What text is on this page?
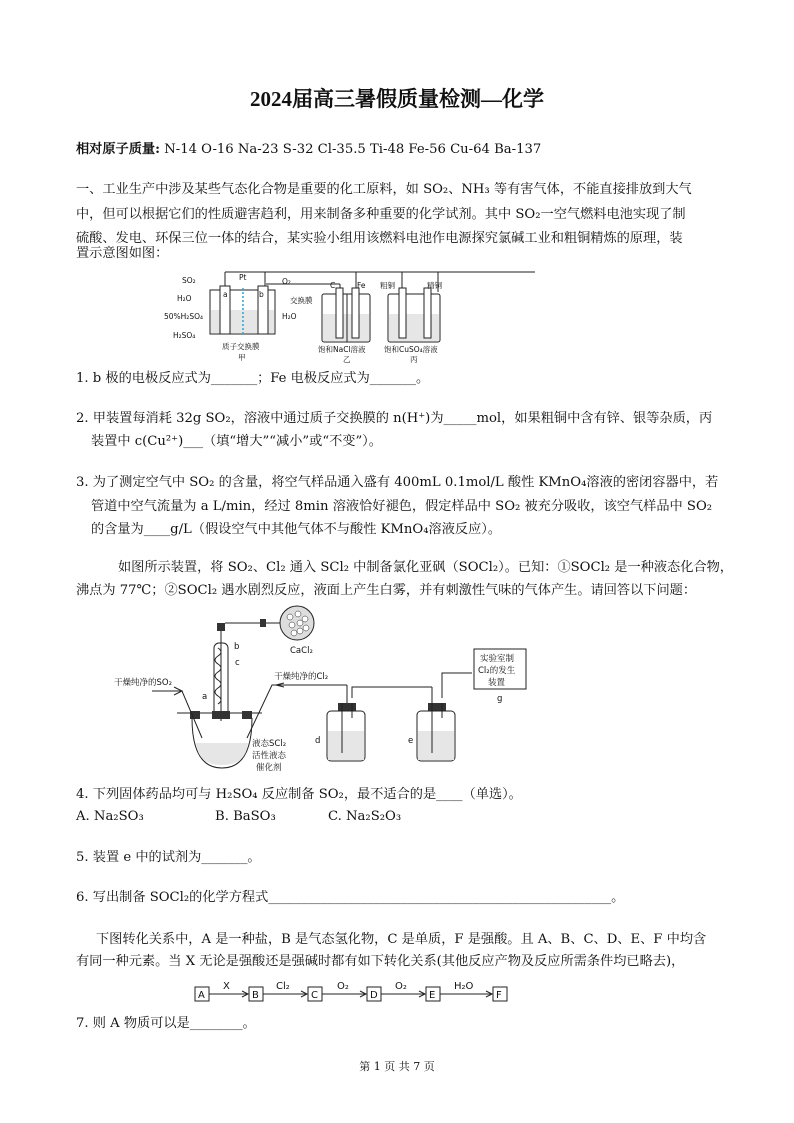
2024届高三暑假质量检测—化学
相对原子质量: N-14 O-16 Na-23 S-32 Cl-35.5 Ti-48 Fe-56 Cu-64 Ba-137
一、工业生产中涉及某些气态化合物是重要的化工原料，如 SO₂、NH₃ 等有害气体，不能直接排放到大气
中，但可以根据它们的性质避害趋利，用来制备多种重要的化学试剂。其中 SO₂一空气燃料电池实现了制
硫酸、发电、环保三位一体的结合，某实验小组用该燃料电池作电源探究氯碱工业和粗铜精炼的原理，装
置示意图如图：
SO₂	Pt	O₂
H₂O	a	b
50%H₂SO₄	H₂O
H₂SO₄
质子交换膜
甲
C	Fe
交换膜
饱和NaCl溶液
乙
粗铜	精铜
饱和CuSO₄溶液
丙
1. b 极的电极反应式为_______；Fe 电极反应式为_______。
2. 甲装置每消耗 32g SO₂，溶液中通过质子交换膜的 n(H⁺)为_____mol，如果粗铜中含有锌、银等杂质，丙
装置中 c(Cu²⁺)___（填“增大”“减小”或“不变”）。
3. 为了测定空气中 SO₂ 的含量，将空气样品通入盛有 400mL 0.1mol/L 酸性 KMnO₄溶液的密闭容器中，若
管道中空气流量为 a L/min，经过 8min 溶液恰好褪色，假定样品中 SO₂ 被充分吸收，该空气样品中 SO₂
的含量为____g/L（假设空气中其他气体不与酸性 KMnO₄溶液反应）。
如图所示装置，将 SO₂、Cl₂ 通入 SCl₂ 中制备氯化亚砜（SOCl₂）。已知：①SOCl₂ 是一种液态化合物，
沸点为 77℃；②SOCl₂ 遇水剧烈反应，液面上产生白雾，并有刺激性气味的气体产生。请回答以下问题：
CaCl₂
b
c
a
干燥纯净的SO₂
干燥纯净的Cl₂
液态SCl₂
活性液态
催化剂
d	e
实验室制
Cl₂的发生
装置
g
4. 下列固体药品均可与 H₂SO₄ 反应制备 SO₂，最不适合的是____（单选）。
A. Na₂SO₃	B. BaSO₃	C. Na₂S₂O₃
5. 装置 e 中的试剂为_______。
6. 写出制备 SOCl₂的化学方程式____________________________________________________。
下图转化关系中，A 是一种盐，B 是气态氢化物，C 是单质，F 是强酸。且 A、B、C、D、E、F 中均含
有同一种元素。当 X 无论是强酸还是强碱时都有如下转化关系(其他反应产物及反应所需条件均已略去)，
A
X
B
Cl₂
C
O₂
D
O₂
E
H₂O
F
7. 则 A 物质可以是________。
第 1 页 共 7 页
